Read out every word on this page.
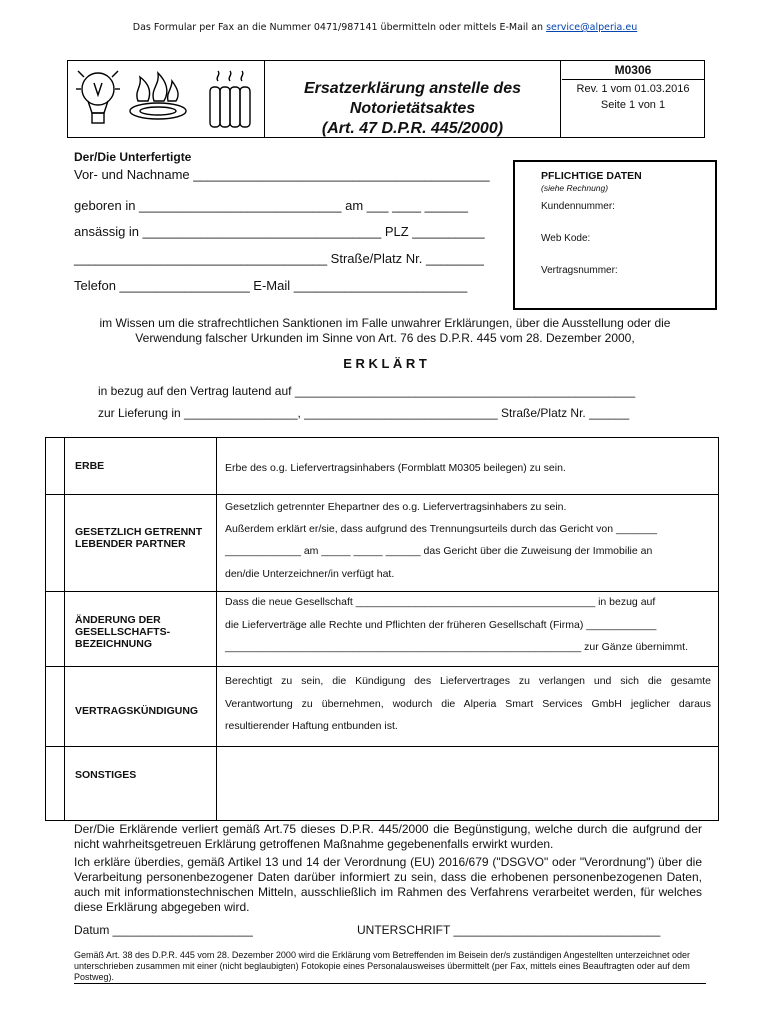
Das Formular per Fax an die Nummer 0471/987141 übermitteln oder mittels E-Mail an service@alperia.eu
Ersatzerklärung anstelle des
Notorietätsaktes
(Art. 47 D.P.R. 445/2000)
M0306
Rev. 1 vom 01.03.2016
Seite 1 von 1
Der/Die Unterfertigte
Vor- und Nachname _________________________________________
geboren in ____________________________ am ___ ____ ______
ansässig in _________________________________ PLZ __________
___________________________________ Straße/Platz Nr. ________
Telefon __________________ E-Mail ________________________
PFLICHTIGE DATEN
(siehe Rechnung)
Kundennummer:
Web Kode:
Vertragsnummer:
im Wissen um die strafrechtlichen Sanktionen im Falle unwahrer Erklärungen, über die Ausstellung oder die
Verwendung falscher Urkunden im Sinne von Art. 76 des D.P.R. 445 vom 28. Dezember 2000,
E R K L Ä R T
in bezug auf den Vertrag lautend auf ___________________________________________________
zur Lieferung in _________________, _____________________________ Straße/Platz Nr. ______
ERBE	Erbe des o.g. Liefervertragsinhabers (Formblatt M0305 beilegen) zu sein.
GESETZLICH GETRENNT LEBENDER PARTNER
Gesetzlich getrennter Ehepartner des o.g. Liefervertragsinhabers zu sein.
Außerdem erklärt er/sie, dass aufgrund des Trennungsurteils durch das Gericht von _______
_____________ am _____ _____ ______ das Gericht über die Zuweisung der Immobilie an
den/die Unterzeichner/in verfügt hat.
ÄNDERUNG DER GESELLSCHAFTS-BEZEICHNUNG
Dass die neue Gesellschaft _________________________________________ in bezug auf
die Lieferverträge alle Rechte und Pflichten der früheren Gesellschaft (Firma) ____________
_____________________________________________________________ zur Gänze übernimmt.
VERTRAGSKÜNDIGUNG
Berechtigt zu sein, die Kündigung des Liefervertrages zu verlangen und sich die gesamte
Verantwortung zu übernehmen, wodurch die Alperia Smart Services GmbH jeglicher daraus
resultierender Haftung entbunden ist.
SONSTIGES
Der/Die Erklärende verliert gemäß Art.75 dieses D.P.R. 445/2000 die Begünstigung, welche durch die aufgrund der nicht wahrheitsgetreuen Erklärung getroffenen Maßnahme gegebenenfalls erwirkt wurden.
Ich erkläre überdies, gemäß Artikel 13 und 14 der Verordnung (EU) 2016/679 ("DSGVO" oder "Verordnung") über die Verarbeitung personenbezogener Daten darüber informiert zu sein, dass die erhobenen personenbezogenen Daten, auch mit informationstechnischen Mitteln, ausschließlich im Rahmen des Verfahrens verarbeitet werden, für welches diese Erklärung abgegeben wird.
Datum _____________________	UNTERSCHRIFT _______________________________
Gemäß Art. 38 des D.P.R. 445 vom 28. Dezember 2000 wird die Erklärung vom Betreffenden im Beisein der/s zuständigen Angestellten unterzeichnet oder unterschrieben zusammen mit einer (nicht beglaubigten) Fotokopie eines Personalausweises übermittelt (per Fax, mittels eines Beauftragten oder auf dem Postweg).
